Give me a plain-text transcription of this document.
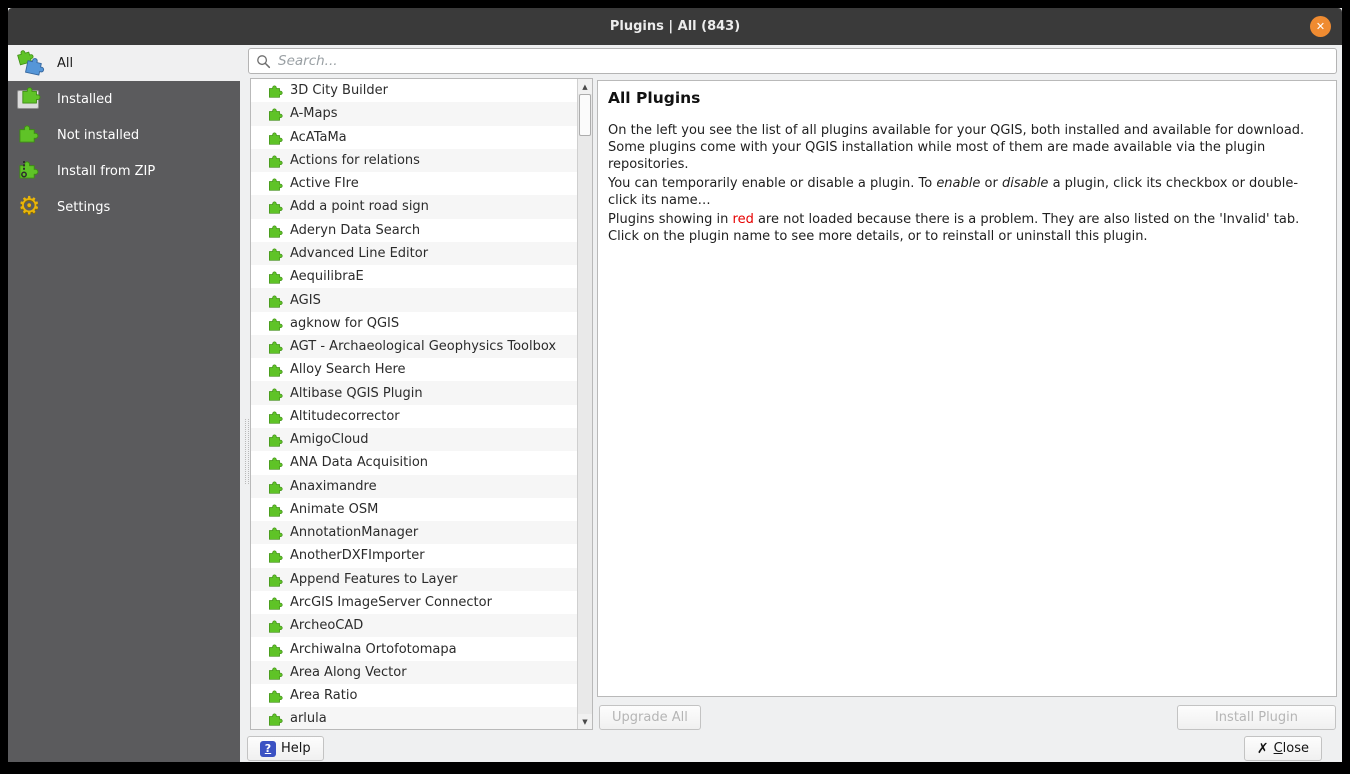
Plugins | All (843)	✕
All
Installed
Not installed
Install from ZIP
⚙ Settings
Search...
3D City Builder
A-Maps
AcATaMa
Actions for relations
Active FIre
Add a point road sign
Aderyn Data Search
Advanced Line Editor
AequilibraE
AGIS
agknow for QGIS
AGT - Archaeological Geophysics Toolbox
Alloy Search Here
Altibase QGIS Plugin
Altitudecorrector
AmigoCloud
ANA Data Acquisition
Anaximandre
Animate OSM
AnnotationManager
AnotherDXFImporter
Append Features to Layer
ArcGIS ImageServer Connector
ArcheoCAD
Archiwalna Ortofotomapa
Area Along Vector
Area Ratio
arlula
▲
▼
All Plugins

On the left you see the list of all plugins available for your QGIS, both installed and available for download. Some plugins come with your QGIS installation while most of them are made available via the plugin repositories.

You can temporarily enable or disable a plugin. To enable or disable a plugin, click its checkbox or double-click its name…

Plugins showing in red are not loaded because there is a problem. They are also listed on the 'Invalid' tab. Click on the plugin name to see more details, or to reinstall or uninstall this plugin.

Upgrade All	Install Plugin
? Help	✗ Close
